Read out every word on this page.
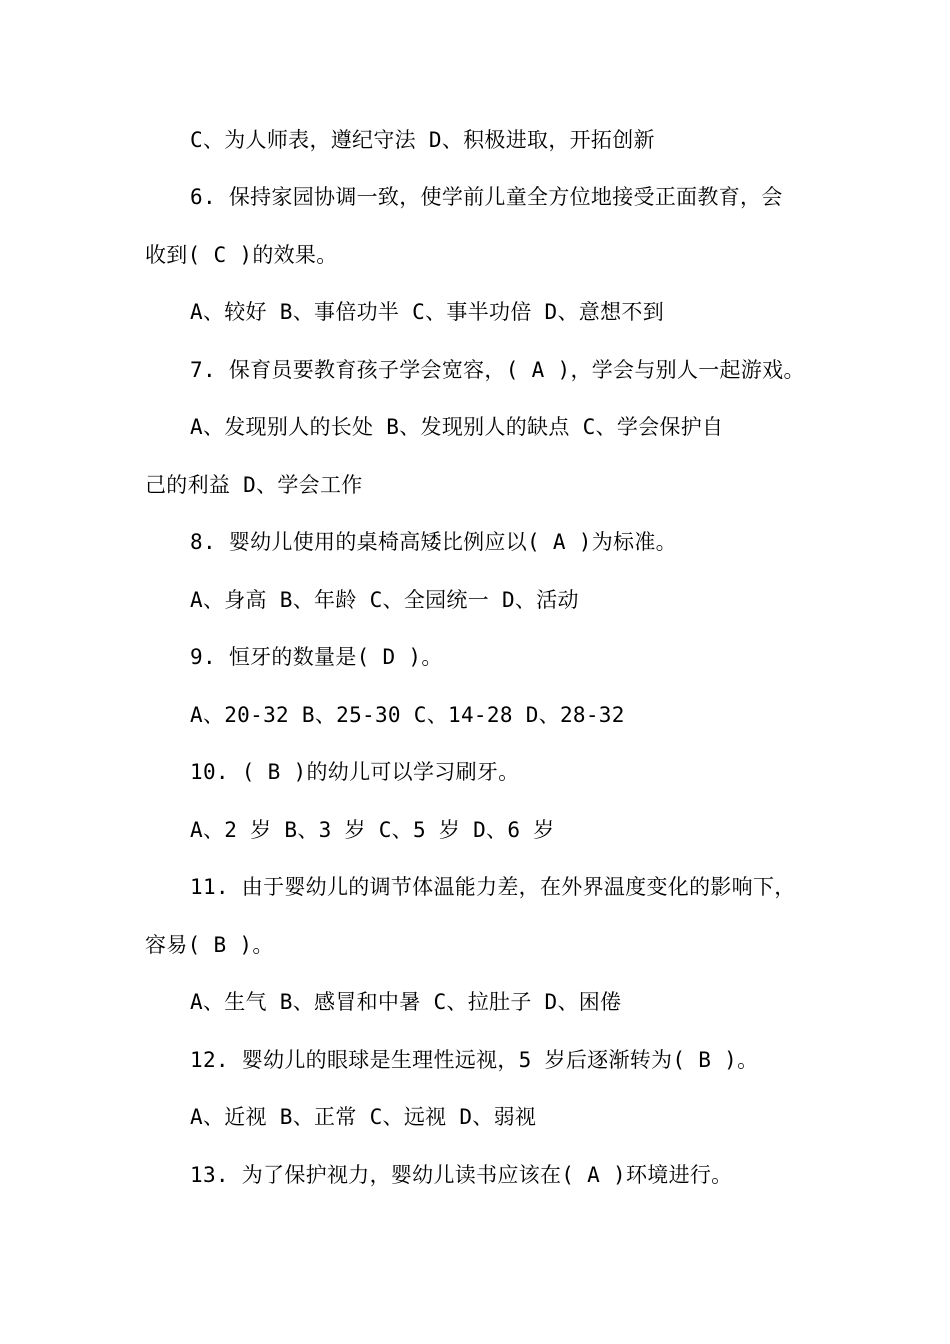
C、为人师表，遵纪守法 D、积极进取，开拓创新
6. 保持家园协调一致，使学前儿童全方位地接受正面教育，会
收到( C )的效果。
A、较好 B、事倍功半 C、事半功倍 D、意想不到
7. 保育员要教育孩子学会宽容，( A )，学会与别人一起游戏。
A、发现别人的长处 B、发现别人的缺点 C、学会保护自
己的利益 D、学会工作
8. 婴幼儿使用的桌椅高矮比例应以( A )为标准。
A、身高 B、年龄 C、全园统一 D、活动
9. 恒牙的数量是( D )。
A、20-32 B、25-30 C、14-28 D、28-32
10. ( B )的幼儿可以学习刷牙。
A、2 岁 B、3 岁 C、5 岁 D、6 岁
11. 由于婴幼儿的调节体温能力差，在外界温度变化的影响下，
容易( B )。
A、生气 B、感冒和中暑 C、拉肚子 D、困倦
12. 婴幼儿的眼球是生理性远视，5 岁后逐渐转为( B )。
A、近视 B、正常 C、远视 D、弱视
13. 为了保护视力，婴幼儿读书应该在( A )环境进行。
